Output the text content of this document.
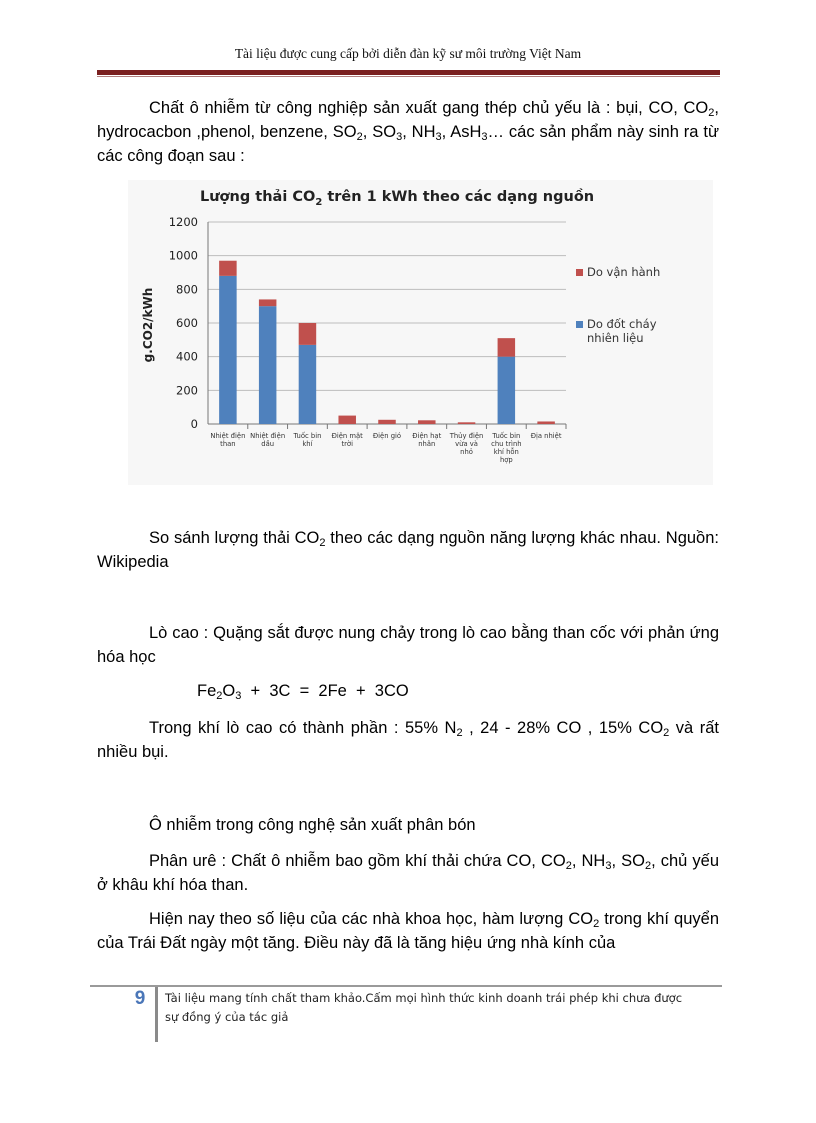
Tài liệu được cung cấp bởi diễn đàn kỹ sư môi trường Việt Nam
Chất ô nhiễm từ công nghiệp sản xuất gang thép chủ yếu là : bụi, CO, $CO_2$, hydrocacbon ,phenol, benzene, $SO_2$, $SO_3$, $NH_3$, AsH$_3$… các sản phẩm này sinh ra từ các công đoạn sau :
Lượng thải $CO_2$ trên 1 kWh theo các dạng nguồn
0
200
400
600
800
1000
1200
Nhiệt điện than
Nhiệt điện dầu
Tuốc bin khí
Điện mặt trời
Điện gió Điện hạt nhân
Thủy điện vừa và nhỏ
Tuốc bin chu trình khí hỗn hợp
Địa nhiệt
Do vận hành
Do đốt cháy nhiên liệu
g.CO2/kWh
So sánh lượng thải $CO_2$ theo các dạng nguồn năng lượng khác nhau. Nguồn: Wikipedia
Lò cao : Quặng sắt được nung chảy trong lò cao bằng than cốc với phản ứng hóa học
$Fe_2O_3 + 3C = 2Fe + 3CO$
Trong khí lò cao có thành phần : 55% $N_2$ , 24 - 28% CO , 15% $CO_2$ và rất nhiều bụi.
Ô nhiễm trong công nghệ sản xuất phân bón
Phân urê : Chất ô nhiễm bao gồm khí thải chứa CO, $CO_2$, $NH_3$, $SO_2$, chủ yếu ở khâu khí hóa than.
Hiện nay theo số liệu của các nhà khoa học, hàm lượng $CO_2$ trong khí quyển của Trái Đất ngày một tăng. Điều này đã là tăng hiệu ứng nhà kính của
9	Tài liệu mang tính chất tham khảo.Cấm mọi hình thức kinh doanh trái phép khi chưa được
sự đồng ý của tác giả
